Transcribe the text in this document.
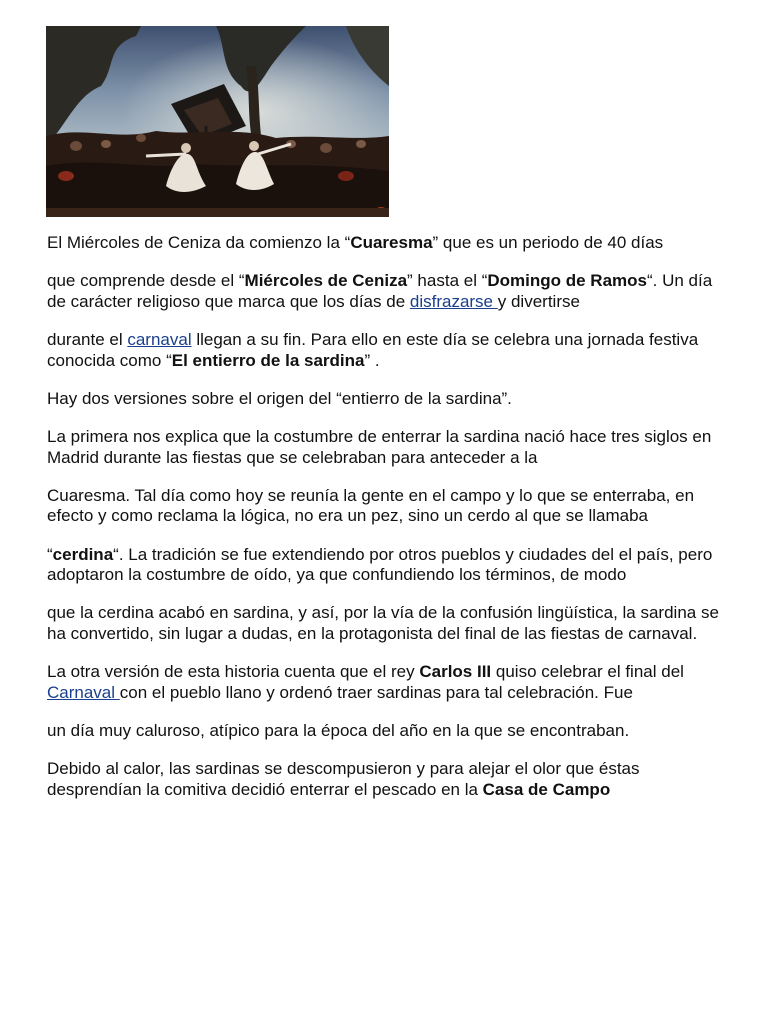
El Miércoles de Ceniza da comienzo la “Cuaresma” que es un periodo de 40 días

que comprende desde el “Miércoles de Ceniza” hasta el “Domingo de Ramos“. Un día de carácter religioso que marca que los días de disfrazarse y divertirse

durante el carnaval llegan a su fin. Para ello en este día se celebra una jornada festiva conocida como “El entierro de la sardina” .

Hay dos versiones sobre el origen del “entierro de la sardina”.

La primera nos explica que la costumbre de enterrar la sardina nació hace tres siglos en Madrid durante las fiestas que se celebraban para anteceder a la

Cuaresma. Tal día como hoy se reunía la gente en el campo y lo que se enterraba, en efecto y como reclama la lógica, no era un pez, sino un cerdo al que se llamaba

“cerdina“. La tradición se fue extendiendo por otros pueblos y ciudades del el país, pero adoptaron la costumbre de oído, ya que confundiendo los términos, de modo

que la cerdina acabó en sardina, y así, por la vía de la confusión lingüística, la sardina se ha convertido, sin lugar a dudas, en la protagonista del final de las fiestas de carnaval.

La otra versión de esta historia cuenta que el rey Carlos III quiso celebrar el final del Carnaval con el pueblo llano y ordenó traer sardinas para tal celebración. Fue

un día muy caluroso, atípico para la época del año en la que se encontraban.

Debido al calor, las sardinas se descompusieron y para alejar el olor que éstas desprendían la comitiva decidió enterrar el pescado en la Casa de Campo
